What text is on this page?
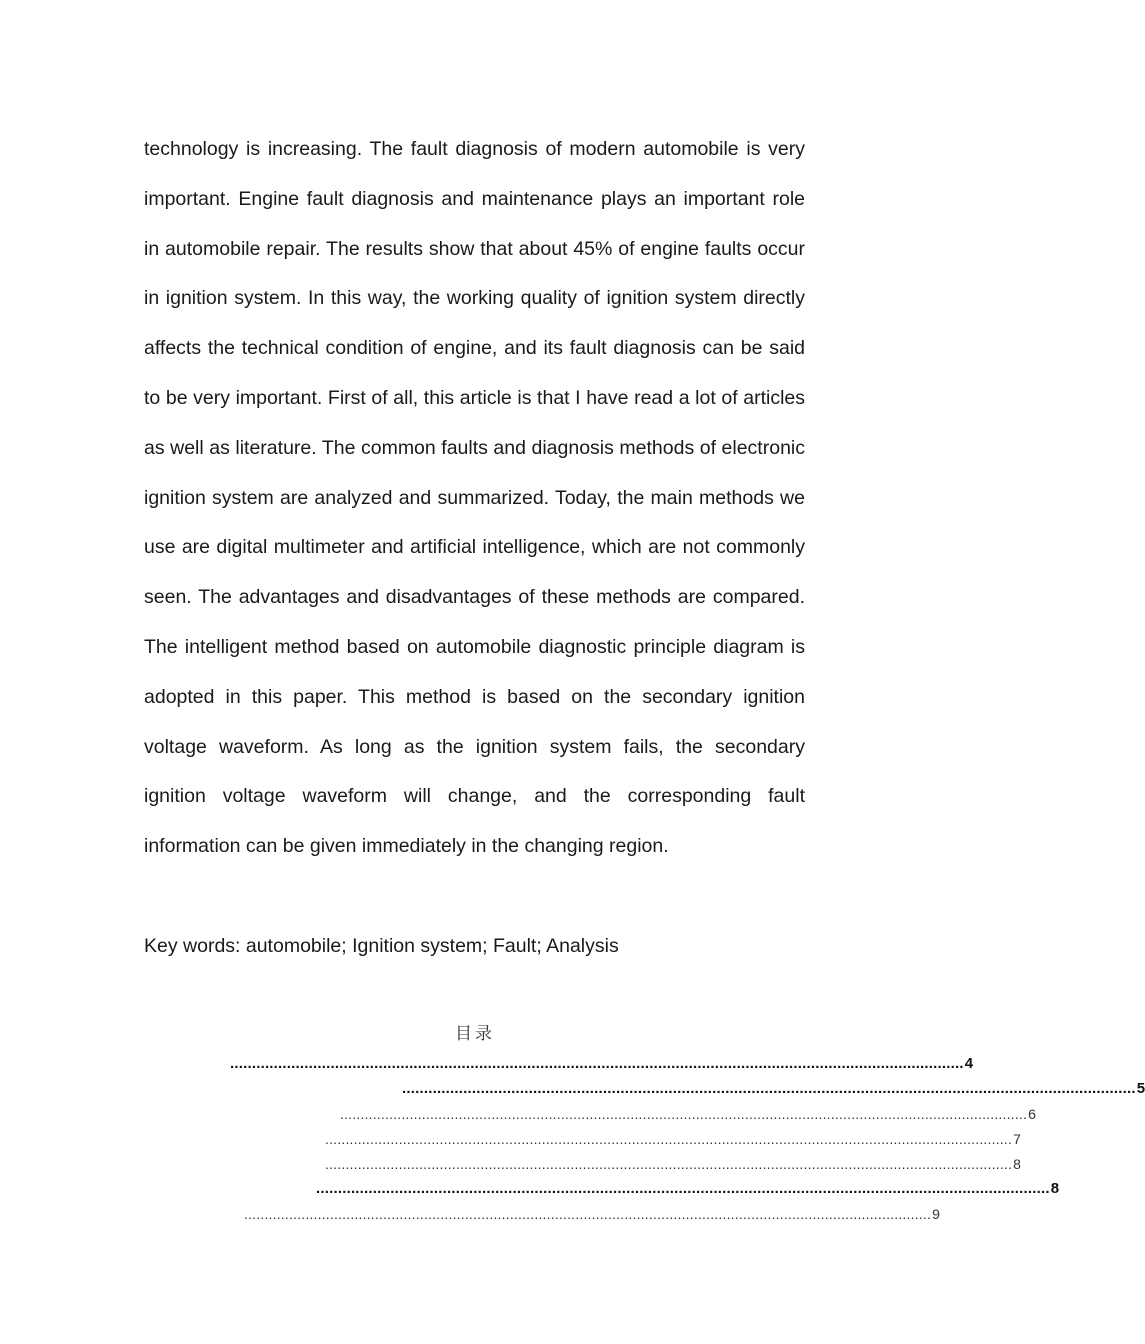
technology is increasing. The fault diagnosis of modern automobile is very important. Engine fault diagnosis and maintenance plays an important role in automobile repair. The results show that about 45% of engine faults occur in ignition system. In this way, the working quality of ignition system directly affects the technical condition of engine, and its fault diagnosis can be said to be very important. First of all, this article is that I have read a lot of articles as well as literature. The common faults and diagnosis methods of electronic ignition system are analyzed and summarized. Today, the main methods we use are digital multimeter and artificial intelligence, which are not commonly seen. The advantages and disadvantages of these methods are compared. The intelligent method based on automobile diagnostic principle diagram is adopted in this paper. This method is based on the secondary ignition voltage waveform. As long as the ignition system fails, the secondary ignition voltage waveform will change, and the corresponding fault information can be given immediately in the changing region.

Key words: automobile; Ignition system; Fault; Analysis

目录
........................................................................................................................................................................ 4
........................................................................................................................................................................ 5
........................................................................................................................................................................ 6
........................................................................................................................................................................ 7
........................................................................................................................................................................ 8
........................................................................................................................................................................ 8
........................................................................................................................................................................ 9
